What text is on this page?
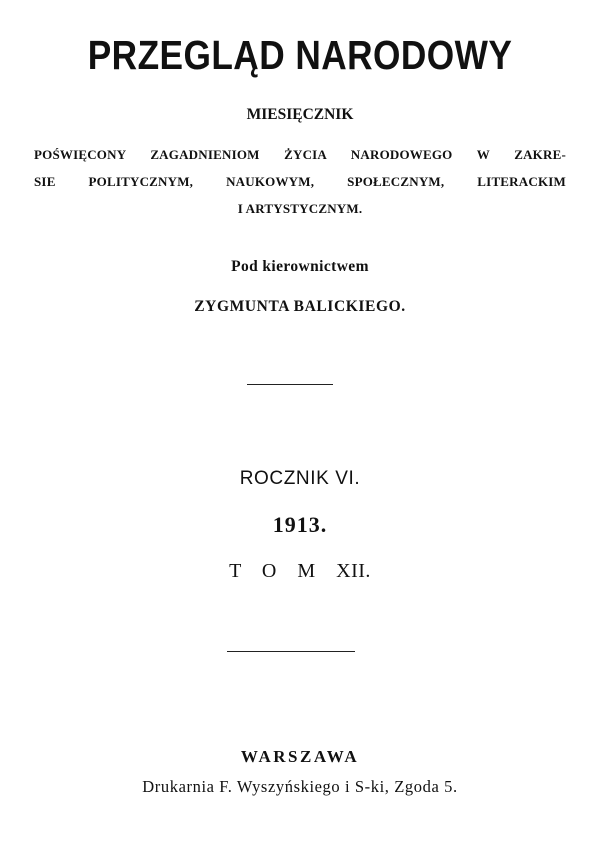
PRZEGLĄD NARODOWY
MIESIĘCZNIK
POŚWIĘCONY ZAGADNIENIOM ŻYCIA NARODOWEGO W ZAKRE-
SIE POLITYCZNYM, NAUKOWYM, SPOŁECZNYM, LITERACKIM
I ARTYSTYCZNYM.
Pod kierownictwem
ZYGMUNTA BALICKIEGO.
ROCZNIK VI.
1913.
T O M XII.
WARSZAWA
Drukarnia F. Wyszyńskiego i S-ki, Zgoda 5.
